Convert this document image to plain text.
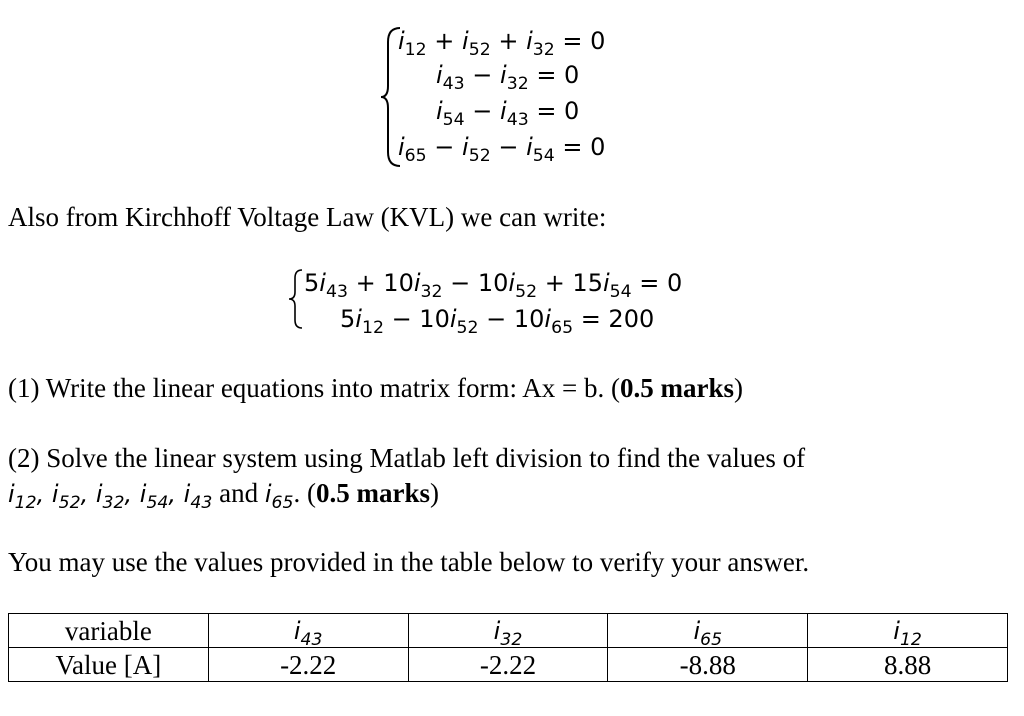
$i_{12} + i_{52} + i_{32} = 0$
$i_{43} - i_{32} = 0$
$i_{54} - i_{43} = 0$
$i_{65} - i_{52} - i_{54} = 0$
Also from Kirchhoff Voltage Law (KVL) we can write:
$5i_{43} + 10i_{32} - 10i_{52} + 15i_{54} = 0$
$5i_{12} - 10i_{52} - 10i_{65} = 200$
(1) Write the linear equations into matrix form: Ax = b. (0.5 marks)
(2) Solve the linear system using Matlab left division to find the values of
$i_{12}$, $i_{52}$, $i_{32}$, $i_{54}$, $i_{43}$ and $i_{65}$. (0.5 marks)
You may use the values provided in the table below to verify your answer.
variable	$i_{43}$	$i_{32}$	$i_{65}$	$i_{12}$
Value [A]	-2.22	-2.22	-8.88	8.88
